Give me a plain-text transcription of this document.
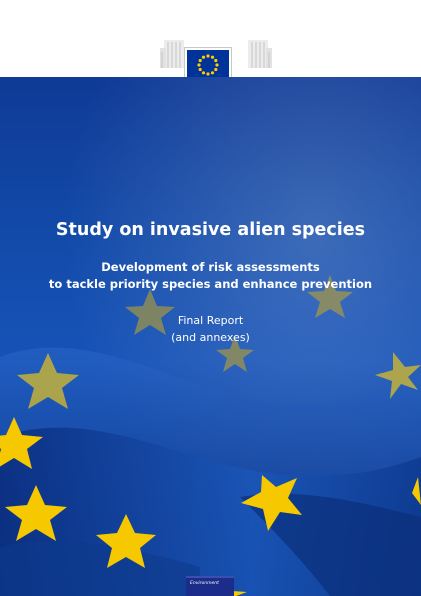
Study on invasive alien species
Development of risk assessments
to tackle priority species and enhance prevention
Final Report
(and annexes)
Environment
